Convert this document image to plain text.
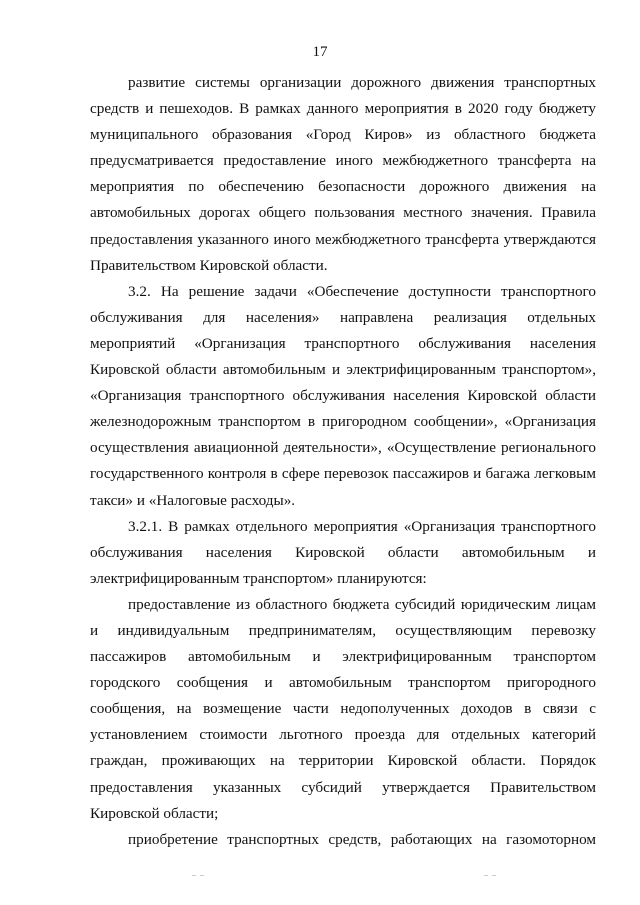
17
развитие системы организации дорожного движения транспортных
средств и пешеходов. В рамках данного мероприятия в 2020 году бюджету
муниципального образования «Город Киров» из областного бюджета
предусматривается предоставление иного межбюджетного трансферта на
мероприятия по обеспечению безопасности дорожного движения на
автомобильных дорогах общего пользования местного значения. Правила
предоставления указанного иного межбюджетного трансферта утверждаются
Правительством Кировской области.
3.2. На решение задачи «Обеспечение доступности транспортного
обслуживания для населения» направлена реализация отдельных
мероприятий «Организация транспортного обслуживания населения
Кировской области автомобильным и электрифицированным транспортом»,
«Организация транспортного обслуживания населения Кировской области
железнодорожным транспортом в пригородном сообщении», «Организация
осуществления авиационной деятельности», «Осуществление регионального
государственного контроля в сфере перевозок пассажиров и багажа легковым
такси» и «Налоговые расходы».
3.2.1. В рамках отдельного мероприятия «Организация транспортного
обслуживания населения Кировской области автомобильным и
электрифицированным транспортом» планируются:
предоставление из областного бюджета субсидий юридическим лицам
и индивидуальным предпринимателям, осуществляющим перевозку
пассажиров автомобильным и электрифицированным транспортом
городского сообщения и автомобильным транспортом пригородного
сообщения, на возмещение части недополученных доходов в связи с
установлением стоимости льготного проезда для отдельных категорий
граждан, проживающих на территории Кировской области. Порядок
предоставления указанных субсидий утверждается Правительством
Кировской области;
приобретение транспортных средств, работающих на газомоторном
‒ ‒	‒ ‒
